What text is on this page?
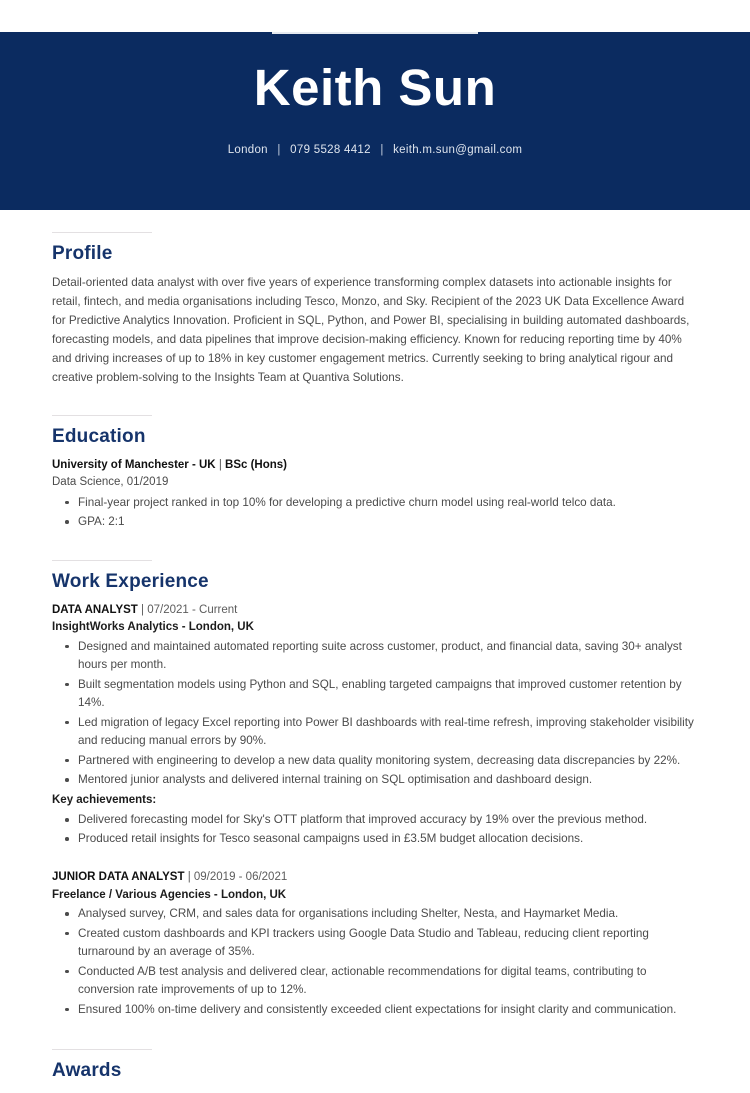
Keith Sun
London | 079 5528 4412 | keith.m.sun@gmail.com
Profile

Detail-oriented data analyst with over five years of experience transforming complex datasets into actionable insights for retail, fintech, and media organisations including Tesco, Monzo, and Sky. Recipient of the 2023 UK Data Excellence Award for Predictive Analytics Innovation. Proficient in SQL, Python, and Power BI, specialising in building automated dashboards, forecasting models, and data pipelines that improve decision-making efficiency. Known for reducing reporting time by 40% and driving increases of up to 18% in key customer engagement metrics. Currently seeking to bring analytical rigour and creative problem-solving to the Insights Team at Quantiva Solutions.

Education
University of Manchester - UK | BSc (Hons)
Data Science, 01/2019
Final-year project ranked in top 10% for developing a predictive churn model using real-world telco data.
GPA: 2:1
Work Experience
DATA ANALYST | 07/2021 - Current
InsightWorks Analytics - London, UK
Designed and maintained automated reporting suite across customer, product, and financial data, saving 30+ analyst hours per month.
Built segmentation models using Python and SQL, enabling targeted campaigns that improved customer retention by 14%.
Led migration of legacy Excel reporting into Power BI dashboards with real-time refresh, improving stakeholder visibility and reducing manual errors by 90%.
Partnered with engineering to develop a new data quality monitoring system, decreasing data discrepancies by 22%.
Mentored junior analysts and delivered internal training on SQL optimisation and dashboard design.
Key achievements:
Delivered forecasting model for Sky's OTT platform that improved accuracy by 19% over the previous method.
Produced retail insights for Tesco seasonal campaigns used in £3.5M budget allocation decisions.
JUNIOR DATA ANALYST | 09/2019 - 06/2021
Freelance / Various Agencies - London, UK
Analysed survey, CRM, and sales data for organisations including Shelter, Nesta, and Haymarket Media.
Created custom dashboards and KPI trackers using Google Data Studio and Tableau, reducing client reporting turnaround by an average of 35%.
Conducted A/B test analysis and delivered clear, actionable recommendations for digital teams, contributing to conversion rate improvements of up to 12%.
Ensured 100% on-time delivery and consistently exceeded client expectations for insight clarity and communication.
Awards
